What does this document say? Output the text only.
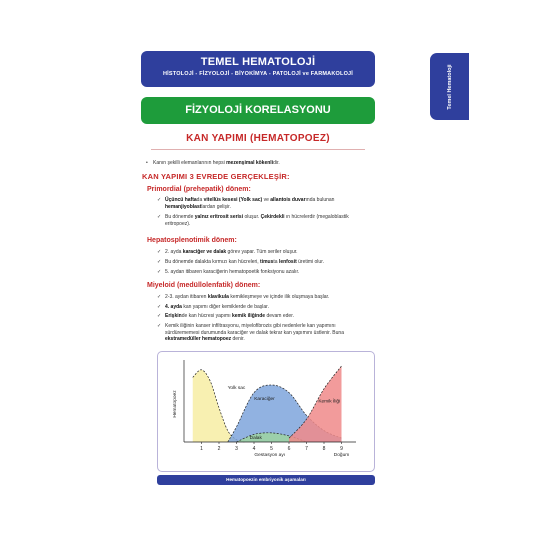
TEMEL HEMATOLOJİ
HİSTOLOJİ - FİZYOLOJİ - BİYOKİMYA - PATOLOJİ ve FARMAKOLOJİ	Temel Hematoloji
FİZYOLOJİ KORELASYONU
KAN YAPIMI (HEMATOPOEZ)
• Kanın şekilli elemanlarının hepsi mezenşimal kökenlidir.
KAN YAPIMI 3 EVREDE GERÇEKLEŞİR:
Primordial (prehepatik) dönem:
✓ Üçüncü haftada vitellüs kesesi (Yolk sac) ve allantois duvarında bulunan
hemanjiyoblastlardan gelişir.
✓ Bu dönemde yalnız eritrosit serisi oluşur. Çekirdekli ın hücrelerdir (megaloblastik
eritropoez).
Hepatosplenotimik dönem:
✓ 2. ayda karaciğer ve dalak görev yapar. Tüm seriler oluşur.
✓ Bu dönemde dalakta kırmızı kan hücreleri, timusta lenfosit üretimi olur.
✓ 5. aydan itibaren karaciğerin hematopoetik fonksiyonu azalır.
Miyeloid (medüllolenfatik) dönem:
✓ 2-3. aydan itibaren klavikula kemikleşmeye ve içinde ilik oluşmaya başlar.
✓ 4. ayda kan yapımı diğer kemiklerde de başlar.
✓ Erişkinde kan hücresi yapımı kemik iliğinde devam eder.
✓ Kemik iliğinin kanser infiltrasyonu, miyelofibrozis gibi nedenlerle kan yapımını
sürdürememesi durumunda karaciğer ve dalak tekrar kan yapımını üstlenir. Buna
ekstramedüller hematopoez denir.
Yolk sac
Karaciğer
Dalak
Kemik İliği
1	2	3	4	5	6	7	8	9
Gestasyon ayı	Doğum
Hematopoez
Hematopoezin embriyonik aşamaları
